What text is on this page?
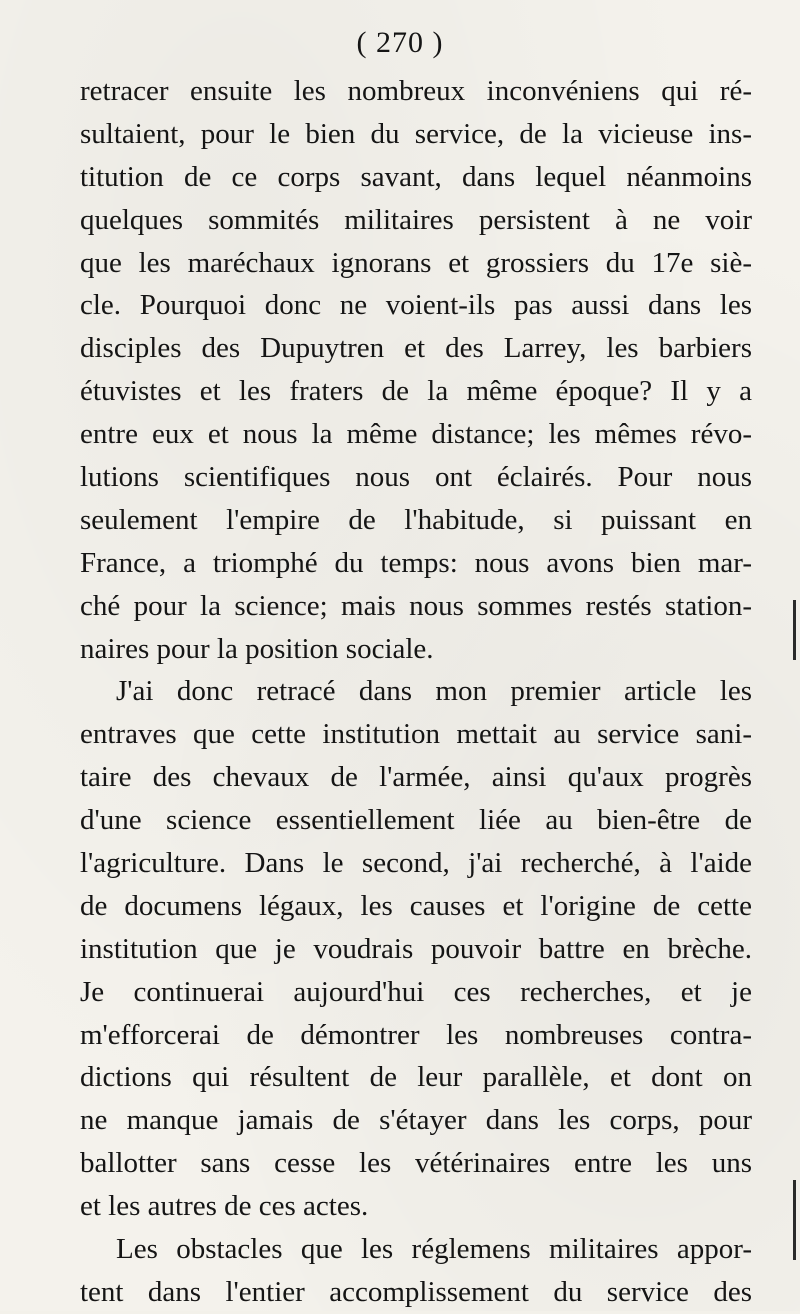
( 270 )
retracer ensuite les nombreux inconvéniens qui ré-
sultaient, pour le bien du service, de la vicieuse ins-
titution de ce corps savant, dans lequel néanmoins
quelques sommités militaires persistent à ne voir
que les maréchaux ignorans et grossiers du 17e siè-
cle. Pourquoi donc ne voient-ils pas aussi dans les
disciples des Dupuytren et des Larrey, les barbiers
étuvistes et les fraters de la même époque? Il y a
entre eux et nous la même distance; les mêmes révo-
lutions scientifiques nous ont éclairés. Pour nous
seulement l'empire de l'habitude, si puissant en
France, a triomphé du temps: nous avons bien mar-
ché pour la science; mais nous sommes restés station-
naires pour la position sociale.
J'ai donc retracé dans mon premier article les
entraves que cette institution mettait au service sani-
taire des chevaux de l'armée, ainsi qu'aux progrès
d'une science essentiellement liée au bien-être de
l'agriculture. Dans le second, j'ai recherché, à l'aide
de documens légaux, les causes et l'origine de cette
institution que je voudrais pouvoir battre en brèche.
Je continuerai aujourd'hui ces recherches, et je
m'efforcerai de démontrer les nombreuses contra-
dictions qui résultent de leur parallèle, et dont on
ne manque jamais de s'étayer dans les corps, pour
ballotter sans cesse les vétérinaires entre les uns
et les autres de ces actes.
Les obstacles que les réglemens militaires appor-
tent dans l'entier accomplissement du service des
